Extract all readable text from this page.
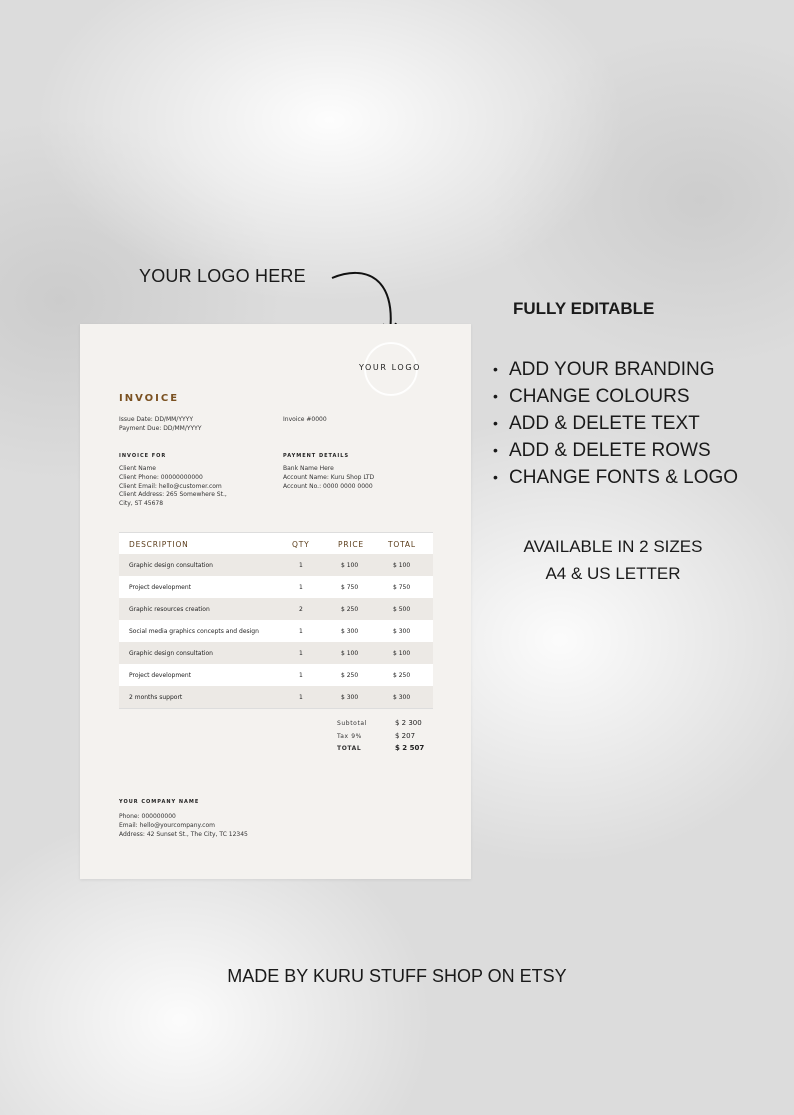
YOUR LOGO HERE
FULLY EDITABLE
• ADD YOUR BRANDING
• CHANGE COLOURS
• ADD & DELETE TEXT
• ADD & DELETE ROWS
• CHANGE FONTS & LOGO
AVAILABLE IN 2 SIZES
A4 & US LETTER
YOUR LOGO
INVOICE
Issue Date: DD/MM/YYYY
Payment Due: DD/MM/YYYY
Invoice #0000
INVOICE FOR
Client Name
Client Phone: 00000000000
Client Email: hello@customer.com
Client Address: 265 Somewhere St.,
City, ST 45678
PAYMENT DETAILS
Bank Name Here
Account Name: Kuru Shop LTD
Account No.: 0000 0000 0000
DESCRIPTION	QTY	PRICE	TOTAL
Graphic design consultation	1	$ 100	$ 100
Project development	1	$ 750	$ 750
Graphic resources creation	2	$ 250	$ 500
Social media graphics concepts and design	1	$ 300	$ 300
Graphic design consultation	1	$ 100	$ 100
Project development	1	$ 250	$ 250
2 months support	1	$ 300	$ 300
Subtotal	$ 2 300
Tax 9%	$ 207
TOTAL	$ 2 507
YOUR COMPANY NAME
Phone: 000000000
Email: hello@yourcompany.com
Address: 42 Sunset St., The City, TC 12345
MADE BY KURU STUFF SHOP ON ETSY
